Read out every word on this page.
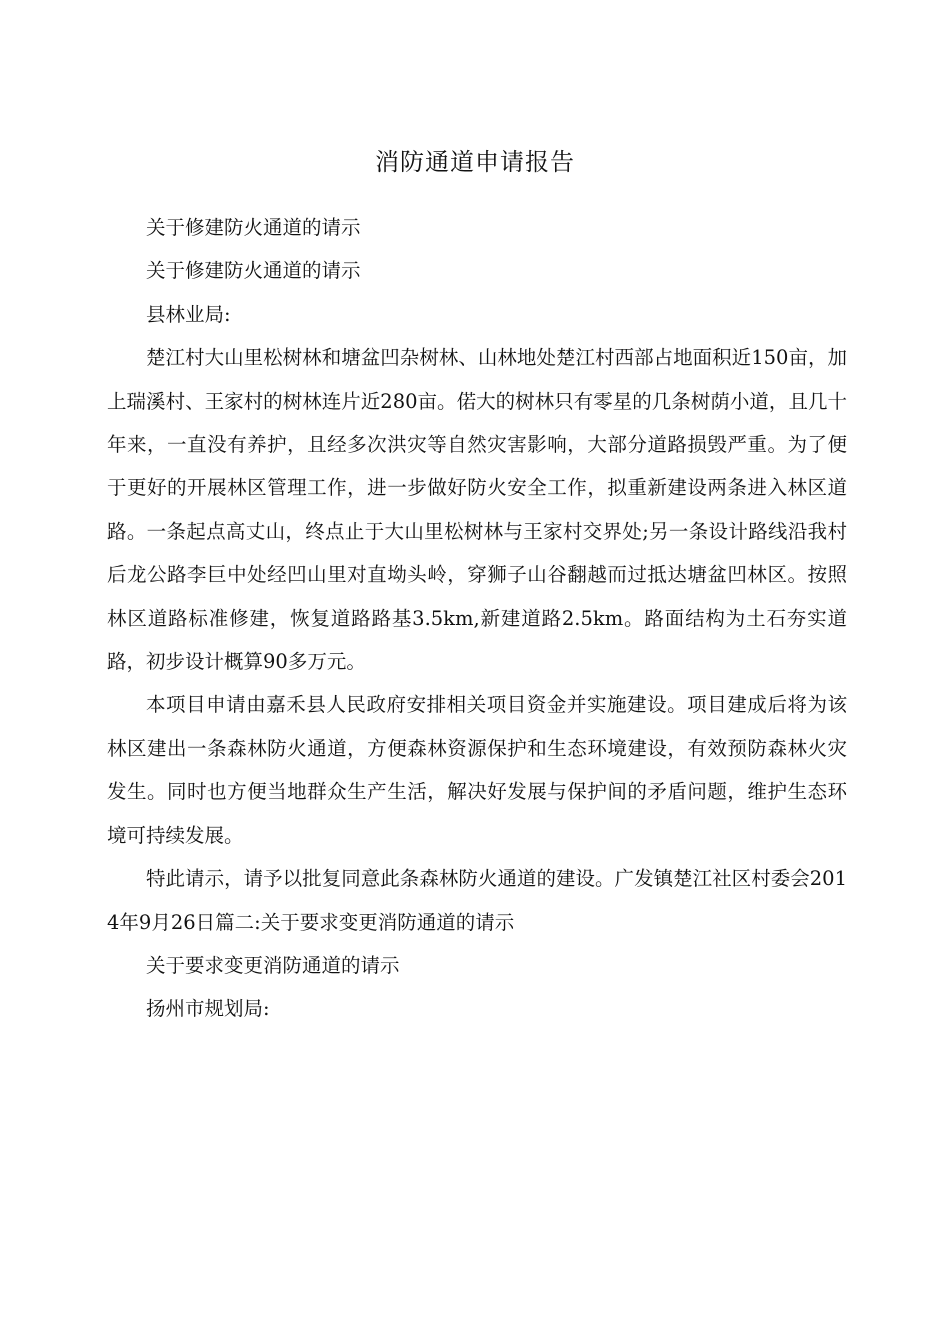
消防通道申请报告

关于修建防火通道的请示

关于修建防火通道的请示

县林业局:

楚江村大山里松树林和塘盆凹杂树林、山林地处楚江村西部占地面积近150亩，加上瑞溪村、王家村的树林连片近280亩。偌大的树林只有零星的几条树荫小道，且几十年来，一直没有养护，且经多次洪灾等自然灾害影响，大部分道路损毁严重。为了便于更好的开展林区管理工作，进一步做好防火安全工作，拟重新建设两条进入林区道路。一条起点高丈山，终点止于大山里松树林与王家村交界处;另一条设计路线沿我村后龙公路李巨中处经凹山里对直坳头岭，穿狮子山谷翻越而过抵达塘盆凹林区。按照林区道路标准修建，恢复道路路基3.5km,新建道路2.5km。路面结构为土石夯实道路，初步设计概算90多万元。

本项目申请由嘉禾县人民政府安排相关项目资金并实施建设。项目建成后将为该林区建出一条森林防火通道，方便森林资源保护和生态环境建设，有效预防森林火灾发生。同时也方便当地群众生产生活，解决好发展与保护间的矛盾问题，维护生态环境可持续发展。

特此请示，请予以批复同意此条森林防火通道的建设。广发镇楚江社区村委会2014年9月26日篇二:关于要求变更消防通道的请示

关于要求变更消防通道的请示

扬州市规划局:
